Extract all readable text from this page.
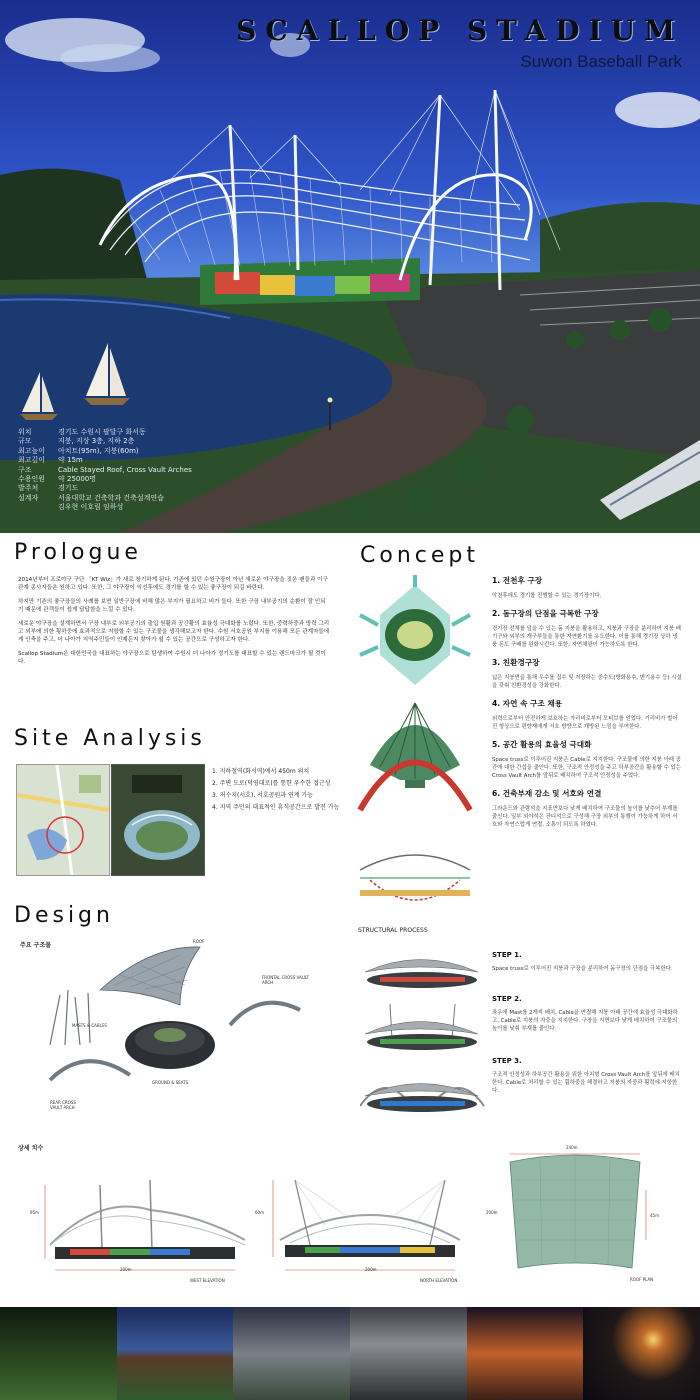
SCALLOP STADIUM
Suwon Baseball Park
위치	경기도 수원시 팔달구 화서동
규모	지붕, 지상 3층, 지하 2층
최고높이	아치트(95m), 지붕(60m)
최고깊이	약 15m
구조	Cable Stayed Roof, Cross Vault Arches
수용인원	약 25000명
발주처	경기도
설계자	서울대학교 건축학과 건축설계연습
김우현 이호림 임하성
Prologue

2014년부터 프로야구 구단 「KT Wiz」가 새로 창기하게 된다. 기존에 있던 수원구장이 아닌 새로운 야구장을 짓은 팬들과 이구 관계 종사자들은 원하고 있다. 또한, 그 야구장이 익선후에도 경기를 할 수 있는 좋구장이 되길 바란다.

하지만 기존의 좋구장들의 사례를 보면 일반구장에 비해 많은 부지가 필요하고 비가 들다. 또한 구장 내부공기의 순환이 잘 인되기 때문에 관객들이 쉽게 답답함을 느낄 수 있다.

새로운 야구장을 설계하면서 구장 내부로 외부공기의 출입 원활과 공간활의 효율성 극대화를 노렸다. 또한, 중력하중과 방력 그리고 외부에 의한 횡하중에 효과적으로 저항할 수 있는 구조물을 생각해보고자 한다. 수원 서호공원 부지를 이용해 모든 관계자들에게 인축을 주고, 더 나아가 지역주민들이 인제든지 찾아가 쉴 수 있는 공간으로 구성하고자 한다.

Scallop Stadium은 대한민국을 대표하는 야구장으로 탄생하여 수원시 더 나아가 경기도를 대표할 수 있는 랜드마크가 될 것이다.

Site Analysis
1. 지하철역(화서역)에서 450m 위치
2. 주변 도로(덕영대로)를 통한 우수한 접근성
3. 저수지(서호), 서호공원과 연계 가능
4. 지역 주민의 대표적인 휴식공간으로 발전 가능
Concept
1. 전천후 구장
악천후에도 경기를 진행할 수 있는 경기장이다.
2. 돔구장의 단점을 극복한 구장
경기장 전체를 덮을 수 있는 돔 지붕을 활용하고, 지붕과 구장을 분리하여 지붕 배기구와 외부의 개구부들을 통한 자연환기를 유도한다. 이를 통해 경기장 상하 냉풍 돈도 구배를 완화시킨다. 또한, 자연채광이 가능하도록 한다.
3. 친환경구장
넓은 지붕면을 통해 우수를 집수 및 저장하는 중수도(방화용수, 변기용수 등) 시설을 갖춰 친환경성을 강화한다.
4. 자연 속 구조 채용
외력으로부터 안전하게 보호하는 가리비로부터 모티브를 얻었다. 기리비가 벌어진 형상으로 편향재에게 서호 방향으로 개방된 느낌을 부여한다.
5. 공간 활용의 효율성 극대화
Space truss로 이루어진 지붕은 Cable로 지지한다. 구조물에 의한 지붕 아래 공간에 대한 간섭을 줄인다. 또한, 구조적 안정성을 주고 하부공간을 활용할 수 있는 Cross Vault Arch를 앞뒤로 배치하여 구조적 안정성을 주었다.
6. 건축부재 감소 및 서호와 연결
그라운드와 관람석을 지표면보다 낮게 배치하여 구조물의 높이를 낮추어 부재를 줄인다. 일부 외야석은 잔디석으로 구성해 구장 외부의 통행이 가능하게 하여 서호와 자연스럽게 연결, 소통이 되도록 하였다.
Design
주요 구조물
ROOF
FRONTAL CROSS VAULT ARCH
MASTS & CABLES
GROUND & SEATS
REAR CROSS VAULT ARCH
STRUCTURAL PROCESS
STEP 1.
Space truss로 이루어진 지붕과 구장을 분리하여 돔구장의 단점을 극복한다.
STEP 2.
좌우에 Mast를 2개씩 배치, Cable을 연결해 지붕 아래 공간에 효율성 극대화하고, Cable로 지붕의 자중을 지지한다. 구장을 지면보다 낮게 배치하여 구조물의 높이를 낮춰 부재를 줄인다.
STEP 3.
구조적 안정성과 하부공간 활용을 위한 아치형 Cross Vault Arch를 앞뒤에 배치한다. Cable로 처리할 수 있는 휨하중을 해결하고 지붕의 자중과 횡력에 저항한다.
상세 치수
200m
95m
WEST ELEVATION
200m
60m
NORTH ELEVATION
240m
200m
45m
ROOF PLAN
